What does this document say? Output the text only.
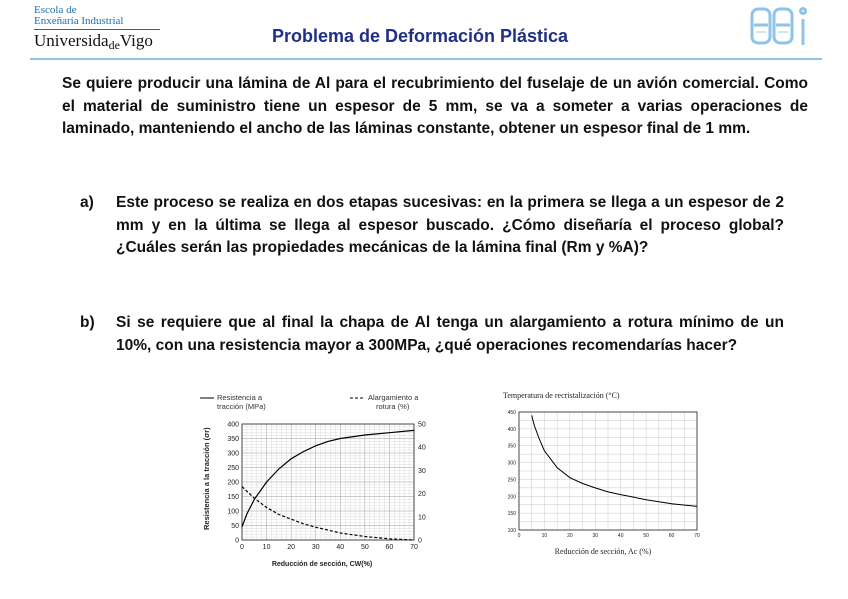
Escola de
Enxeñaría Industrial
UniversidadeVigo	Problema de Deformación Plástica
Se quiere producir una lámina de Al para el recubrimiento del fuselaje de un avión comercial. Como el material de suministro tiene un espesor de 5 mm, se va a someter a varias operaciones de laminado, manteniendo el ancho de las láminas constante, obtener un espesor final de 1 mm.
a) Este proceso se realiza en dos etapas sucesivas: en la primera se llega a un espesor de 2 mm y en la última se llega al espesor buscado. ¿Cómo diseñaría el proceso global? ¿Cuáles serán las propiedades mecánicas de la lámina final (Rm y %A)?
b) Si se requiere que al final la chapa de Al tenga un alargamiento a rotura mínimo de un 10%, con una resistencia mayor a 300MPa, ¿qué operaciones recomendarías hacer?
Resistencia a
tracción (MPa)
Alargamiento a
rotura (%)
Resistencia a la tracción (σr)
Reducción de sección, CW(%)
0	10 20 30 40 50 60 70
0
50
100
150
200
250
300
350
400
0
10
20
30
40
50
Temperatura de recristalización (°C)
Reducción de sección, Ac (%)
0	10	20	30	40	50	60	70
100
150
200
250
300
350
400
450
